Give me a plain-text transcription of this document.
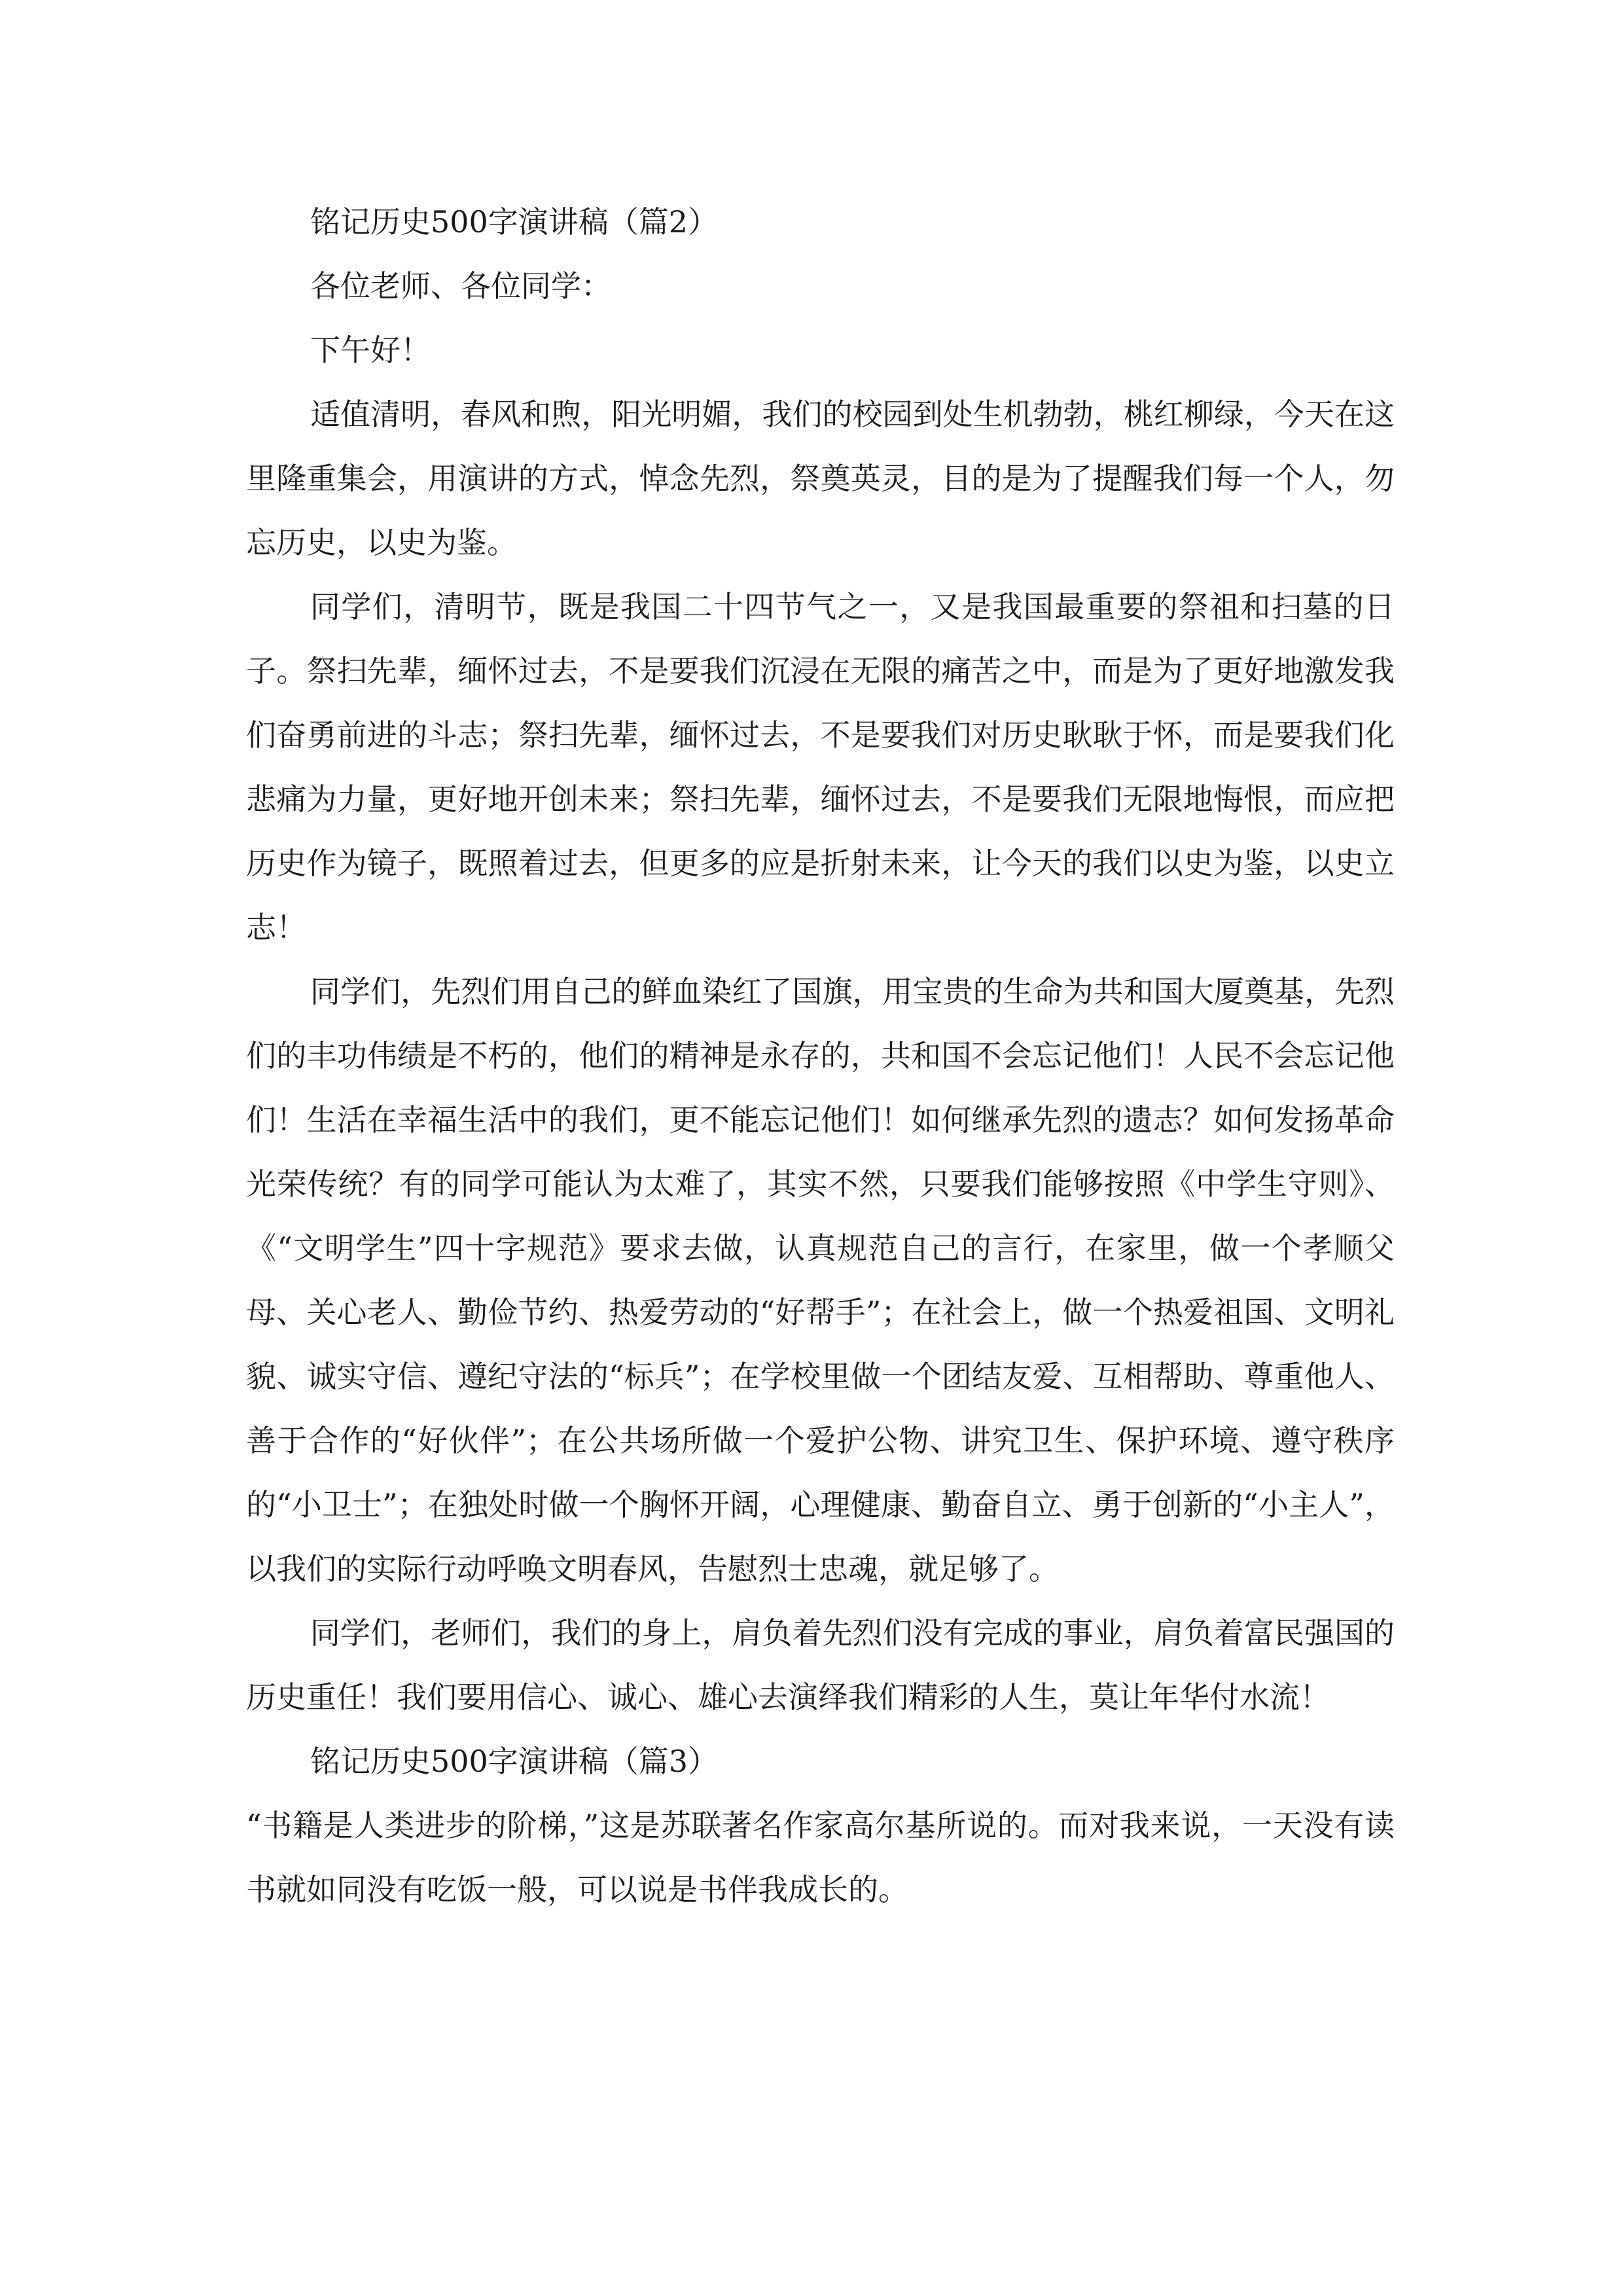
铭记历史500字演讲稿（篇2）

各位老师、各位同学：

下午好！

适值清明，春风和煦，阳光明媚，我们的校园到处生机勃勃，桃红柳绿，今天在这里隆重集会，用演讲的方式，悼念先烈，祭奠英灵，目的是为了提醒我们每一个人，勿忘历史，以史为鉴。

同学们，清明节，既是我国二十四节气之一，又是我国最重要的祭祖和扫墓的日子。祭扫先辈，缅怀过去，不是要我们沉浸在无限的痛苦之中，而是为了更好地激发我们奋勇前进的斗志；祭扫先辈，缅怀过去，不是要我们对历史耿耿于怀，而是要我们化悲痛为力量，更好地开创未来；祭扫先辈，缅怀过去，不是要我们无限地悔恨，而应把历史作为镜子，既照着过去，但更多的应是折射未来，让今天的我们以史为鉴，以史立志！

同学们，先烈们用自己的鲜血染红了国旗，用宝贵的生命为共和国大厦奠基，先烈们的丰功伟绩是不朽的，他们的精神是永存的，共和国不会忘记他们！人民不会忘记他们！生活在幸福生活中的我们，更不能忘记他们！如何继承先烈的遗志？如何发扬革命光荣传统？有的同学可能认为太难了，其实不然，只要我们能够按照《中学生守则》、《“文明学生”四十字规范》要求去做，认真规范自己的言行，在家里，做一个孝顺父母、关心老人、勤俭节约、热爱劳动的“好帮手”；在社会上，做一个热爱祖国、文明礼貌、诚实守信、遵纪守法的“标兵”；在学校里做一个团结友爱、互相帮助、尊重他人、善于合作的“好伙伴”；在公共场所做一个爱护公物、讲究卫生、保护环境、遵守秩序的“小卫士”；在独处时做一个胸怀开阔，心理健康、勤奋自立、勇于创新的“小主人”，以我们的实际行动呼唤文明春风，告慰烈士忠魂，就足够了。

同学们，老师们，我们的身上，肩负着先烈们没有完成的事业，肩负着富民强国的历史重任！我们要用信心、诚心、雄心去演绎我们精彩的人生，莫让年华付水流！

铭记历史500字演讲稿（篇3）

“书籍是人类进步的阶梯，”这是苏联著名作家高尔基所说的。而对我来说，一天没有读书就如同没有吃饭一般，可以说是书伴我成长的。
